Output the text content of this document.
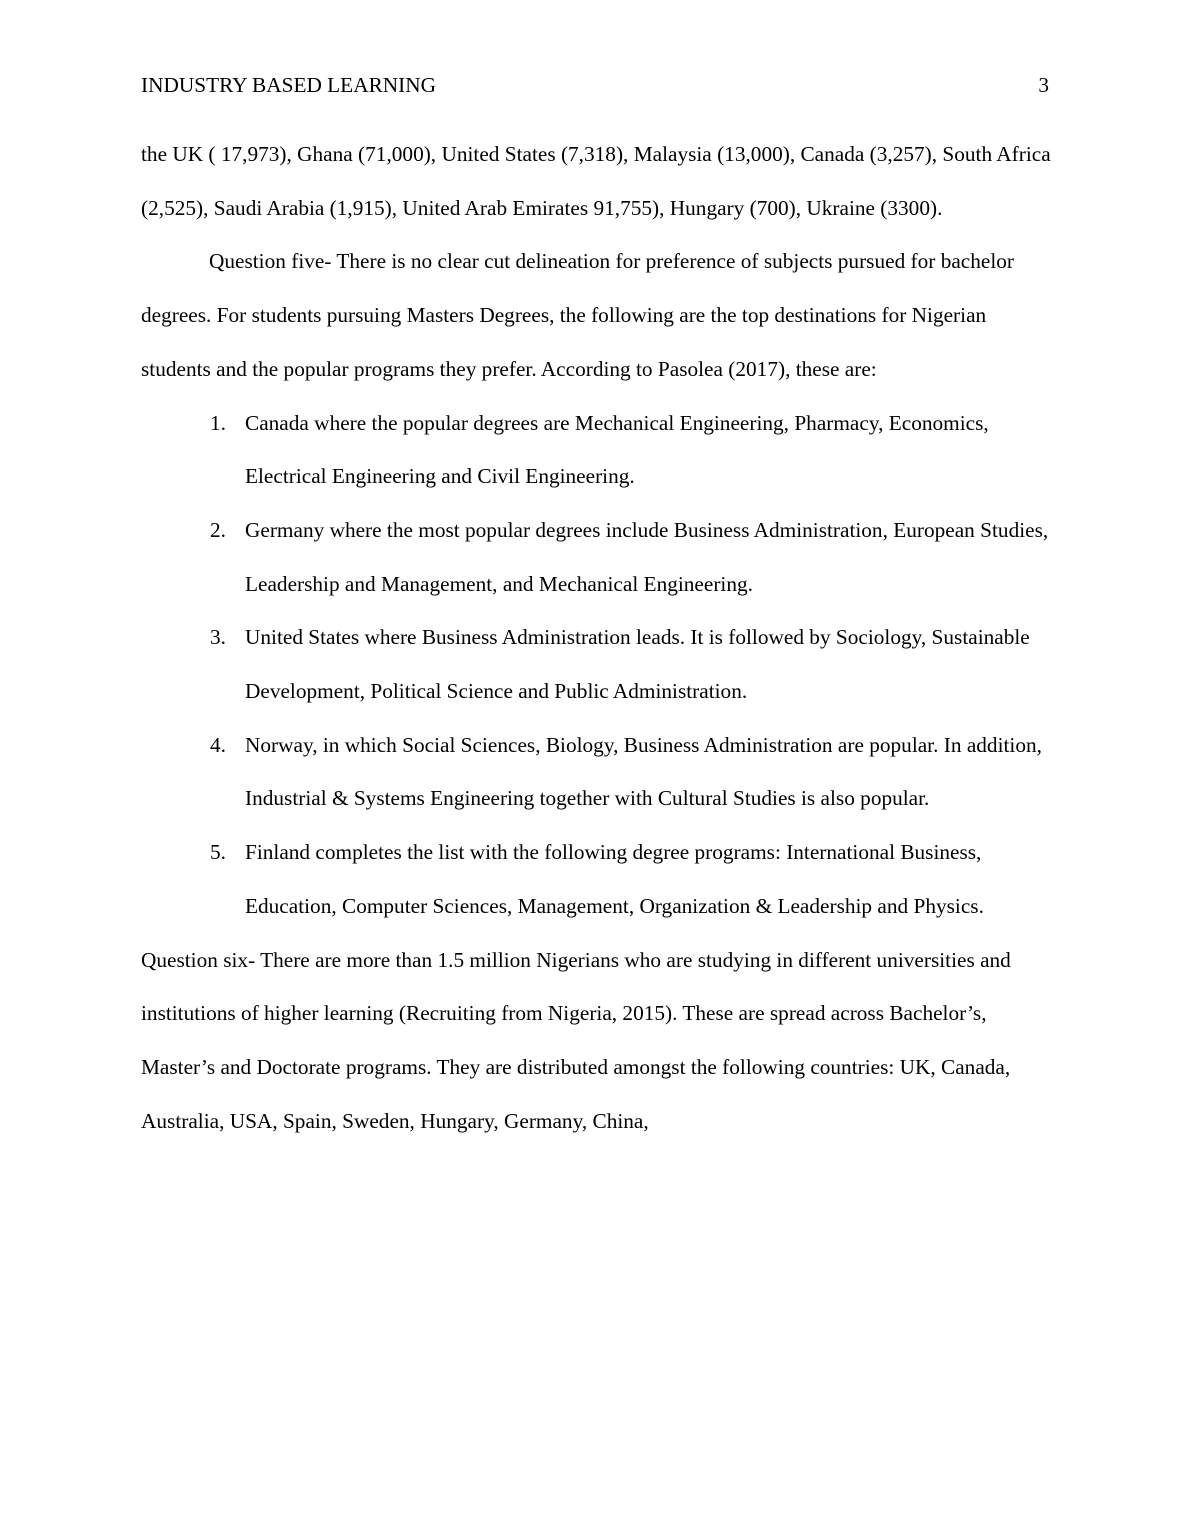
INDUSTRY BASED LEARNING	3

the UK ( 17,973), Ghana (71,000), United States (7,318), Malaysia (13,000), Canada (3,257), South Africa (2,525), Saudi Arabia (1,915), United Arab Emirates 91,755), Hungary (700), Ukraine (3300).

Question five- There is no clear cut delineation for preference of subjects pursued for bachelor degrees. For students pursuing Masters Degrees, the following are the top destinations for Nigerian students and the popular programs they prefer. According to Pasolea (2017), these are:

1. Canada where the popular degrees are Mechanical Engineering, Pharmacy, Economics, Electrical Engineering and Civil Engineering.
2. Germany where the most popular degrees include Business Administration, European Studies, Leadership and Management, and Mechanical Engineering.
3. United States where Business Administration leads. It is followed by Sociology, Sustainable Development, Political Science and Public Administration.
4. Norway, in which Social Sciences, Biology, Business Administration are popular. In addition, Industrial & Systems Engineering together with Cultural Studies is also popular.
5. Finland completes the list with the following degree programs: International Business, Education, Computer Sciences, Management, Organization & Leadership and Physics.

Question six- There are more than 1.5 million Nigerians who are studying in different universities and institutions of higher learning (Recruiting from Nigeria, 2015). These are spread across Bachelor’s, Master’s and Doctorate programs. They are distributed amongst the following countries: UK, Canada, Australia, USA, Spain, Sweden, Hungary, Germany, China,
